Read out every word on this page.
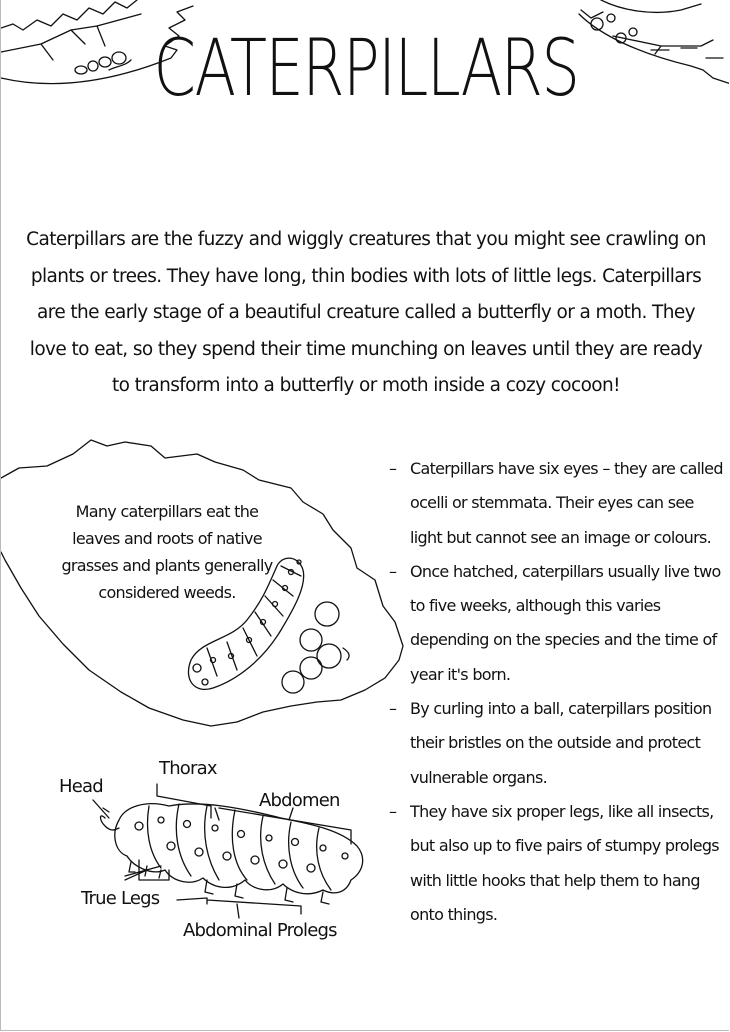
CATERPILLARS
Caterpillars are the fuzzy and wiggly creatures that you might see crawling on plants or trees. They have long, thin bodies with lots of little legs. Caterpillars are the early stage of a beautiful creature called a butterfly or a moth. They love to eat, so they spend their time munching on leaves until they are ready to transform into a butterfly or moth inside a cozy cocoon!
Many caterpillars eat the leaves and roots of native grasses and plants generally considered weeds.
– Caterpillars have six eyes – they are called ocelli or stemmata. Their eyes can see light but cannot see an image or colours.
– Once hatched, caterpillars usually live two to five weeks, although this varies depending on the species and the time of year it's born.
– By curling into a ball, caterpillars position their bristles on the outside and protect vulnerable organs.
– They have six proper legs, like all insects, but also up to five pairs of stumpy prolegs with little hooks that help them to hang onto things.
Head
Thorax
Abdomen
True Legs
Abdominal Prolegs
